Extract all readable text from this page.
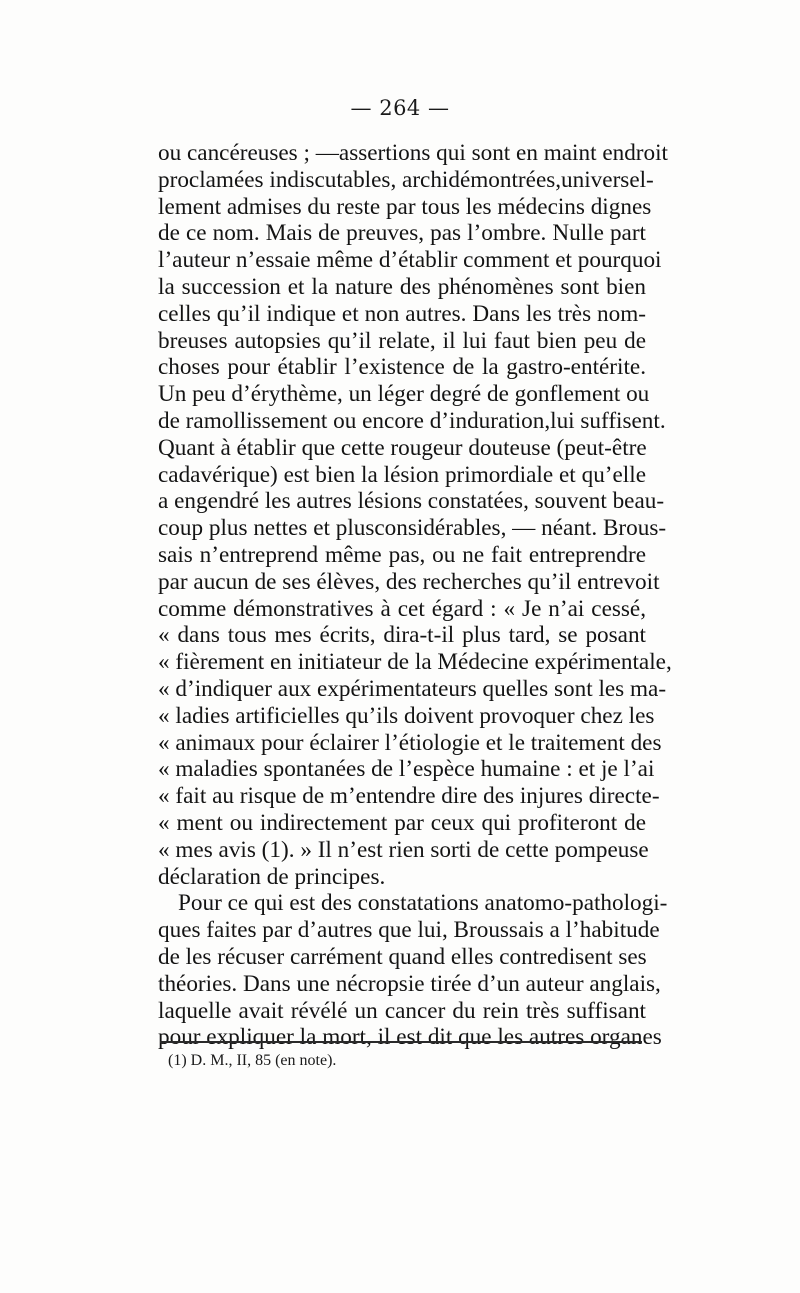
— 264 —
ou cancéreuses ; —assertions qui sont en maint endroit
proclamées indiscutables, archidémontrées,universel-
lement admises du reste par tous les médecins dignes
de ce nom. Mais de preuves, pas l’ombre. Nulle part
l’auteur n’essaie même d’établir comment et pourquoi
la succession et la nature des phénomènes sont bien
celles qu’il indique et non autres. Dans les très nom-
breuses autopsies qu’il relate, il lui faut bien peu de
choses pour établir l’existence de la gastro-entérite.
Un peu d’érythème, un léger degré de gonflement ou
de ramollissement ou encore d’induration,lui suffisent.
Quant à établir que cette rougeur douteuse (peut-être
cadavérique) est bien la lésion primordiale et qu’elle
a engendré les autres lésions constatées, souvent beau-
coup plus nettes et plusconsidérables, — néant. Brous-
sais n’entreprend même pas, ou ne fait entreprendre
par aucun de ses élèves, des recherches qu’il entrevoit
comme démonstratives à cet égard : « Je n’ai cessé,
« dans tous mes écrits, dira-t-il plus tard, se posant
« fièrement en initiateur de la Médecine expérimentale,
« d’indiquer aux expérimentateurs quelles sont les ma-
« ladies artificielles qu’ils doivent provoquer chez les
« animaux pour éclairer l’étiologie et le traitement des
« maladies spontanées de l’espèce humaine : et je l’ai
« fait au risque de m’entendre dire des injures directe-
« ment ou indirectement par ceux qui profiteront de
« mes avis (1). » Il n’est rien sorti de cette pompeuse
déclaration de principes.
Pour ce qui est des constatations anatomo-pathologi-
ques faites par d’autres que lui, Broussais a l’habitude
de les récuser carrément quand elles contredisent ses
théories. Dans une nécropsie tirée d’un auteur anglais,
laquelle avait révélé un cancer du rein très suffisant
pour expliquer la mort, il est dit que les autres organes
(1) D. M., II, 85 (en note).
